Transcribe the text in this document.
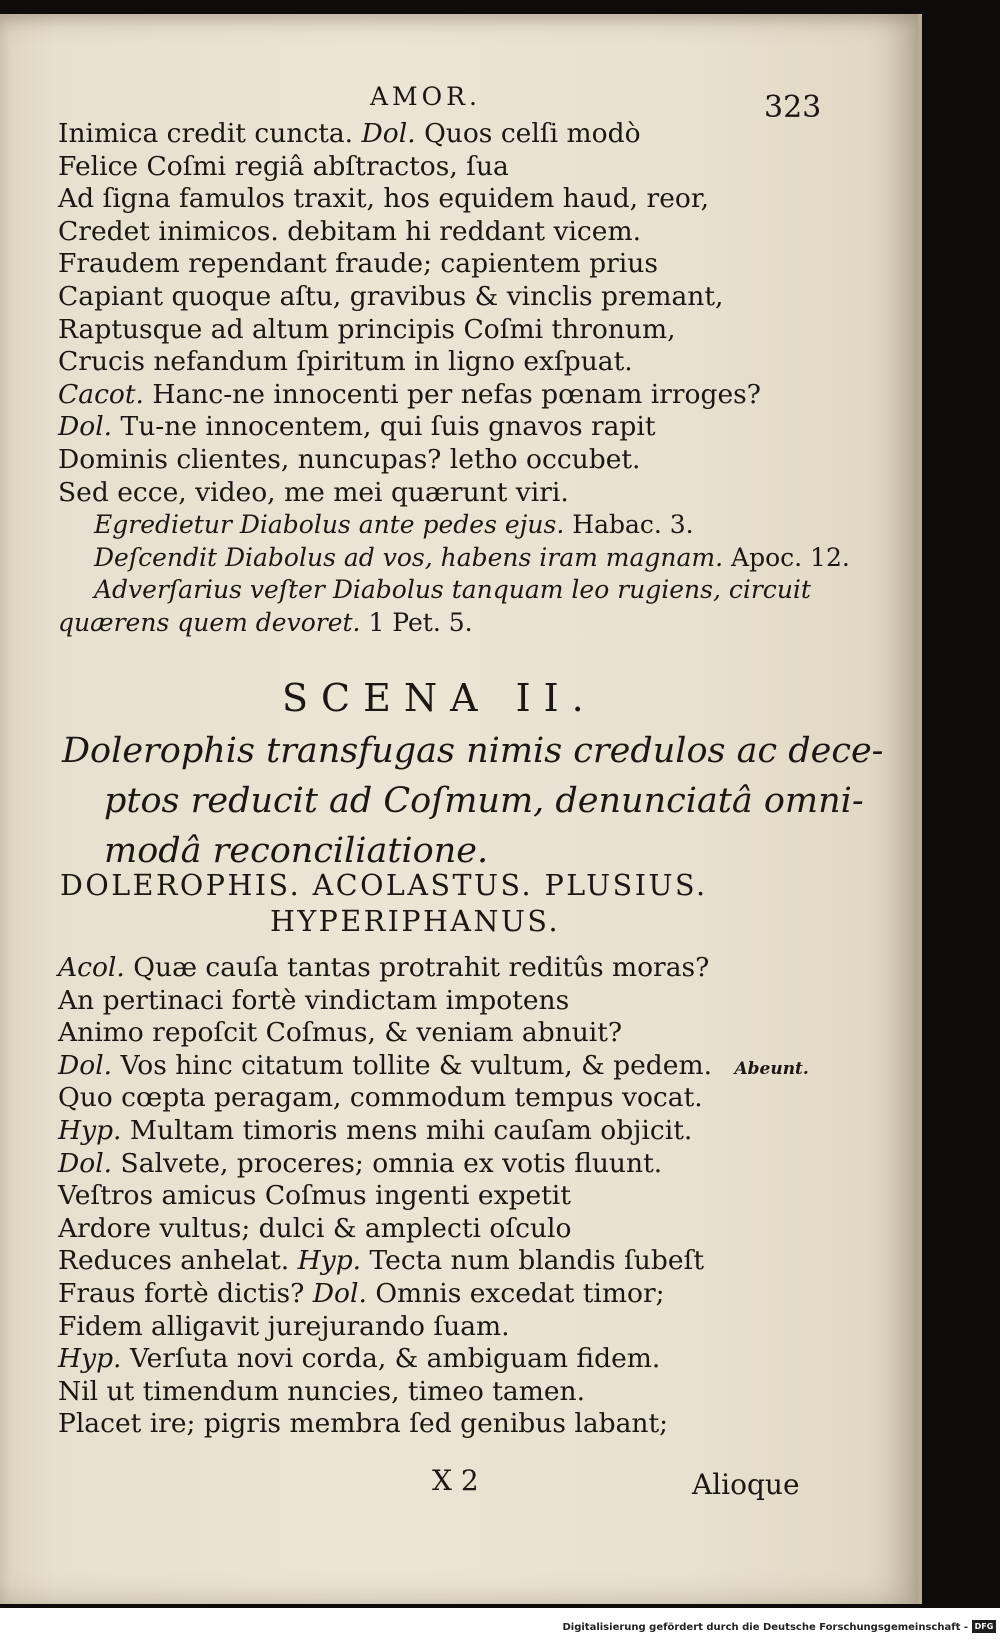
AMOR.	323
Inimica credit cuncta. Dol. Quos celſi modò
Felice Coſmi regiâ abſtractos, ſua
Ad ſigna famulos traxit, hos equidem haud, reor,
Credet inimicos. debitam hi reddant vicem.
Fraudem rependant fraude; capientem prius
Capiant quoque aſtu, gravibus & vinclis premant,
Raptusque ad altum principis Coſmi thronum,
Crucis nefandum ſpiritum in ligno exſpuat.
Cacot. Hanc-ne innocenti per nefas pœnam irroges?
Dol. Tu-ne innocentem, qui ſuis gnavos rapit
Dominis clientes, nuncupas? letho occubet.
Sed ecce, video, me mei quærunt viri.
Egredietur Diabolus ante pedes ejus. Habac. 3.
Deſcendit Diabolus ad vos, habens iram magnam. Apoc. 12.
Adverſarius veſter Diabolus tanquam leo rugiens, circuit
quærens quem devoret. 1 Pet. 5.
SCENA II.
Dolerophis transfugas nimis credulos ac dece-
ptos reducit ad Coſmum, denunciatâ omni-
modâ reconciliatione.
DOLEROPHIS. ACOLASTUS. PLUSIUS.
HYPERIPHANUS.
Acol. Quæ cauſa tantas protrahit reditûs moras?
An pertinaci fortè vindictam impotens
Animo repoſcit Coſmus, & veniam abnuit?
Dol. Vos hinc citatum tollite & vultum, & pedem. Abeunt.
Quo cœpta peragam, commodum tempus vocat.
Hyp. Multam timoris mens mihi cauſam objicit.
Dol. Salvete, proceres; omnia ex votis fluunt.
Veſtros amicus Coſmus ingenti expetit
Ardore vultus; dulci & amplecti oſculo
Reduces anhelat. Hyp. Tecta num blandis ſubeſt
Fraus fortè dictis? Dol. Omnis excedat timor;
Fidem alligavit jurejurando ſuam.
Hyp. Verſuta novi corda, & ambiguam fidem.
Nil ut timendum nuncies, timeo tamen.
Placet ire; pigris membra ſed genibus labant;
X 2	Alioque
Digitalisierung gefördert durch die Deutsche Forschungsgemeinschaft - DFG
